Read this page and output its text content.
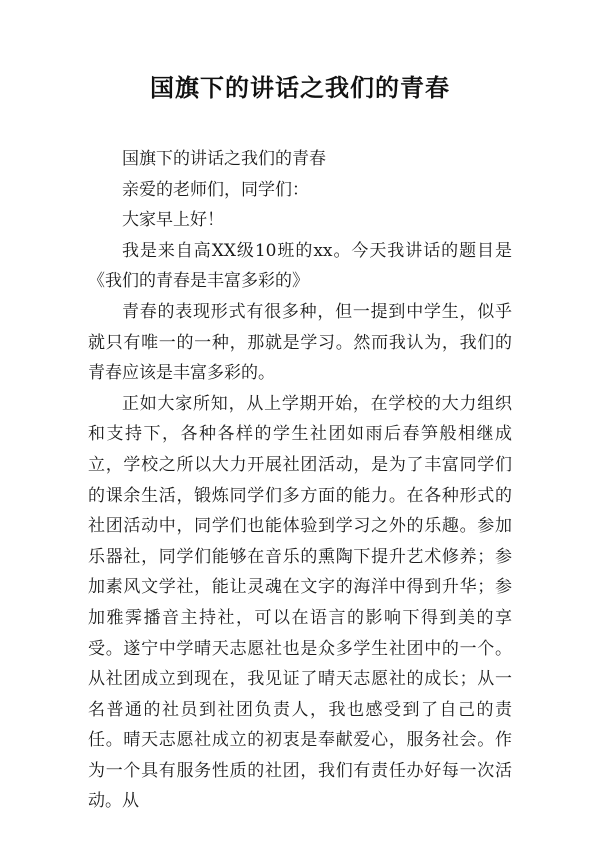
国旗下的讲话之我们的青春

国旗下的讲话之我们的青春

亲爱的老师们，同学们：

大家早上好！

我是来自高XX级10班的xx。今天我讲话的题目是《我们的青春是丰富多彩的》

青春的表现形式有很多种，但一提到中学生，似乎就只有唯一的一种，那就是学习。然而我认为，我们的青春应该是丰富多彩的。

正如大家所知，从上学期开始，在学校的大力组织和支持下，各种各样的学生社团如雨后春笋般相继成立，学校之所以大力开展社团活动，是为了丰富同学们的课余生活，锻炼同学们多方面的能力。在各种形式的社团活动中，同学们也能体验到学习之外的乐趣。参加乐器社，同学们能够在音乐的熏陶下提升艺术修养；参加素风文学社，能让灵魂在文字的海洋中得到升华；参加雅霁播音主持社，可以在语言的影响下得到美的享受。遂宁中学晴天志愿社也是众多学生社团中的一个。从社团成立到现在，我见证了晴天志愿社的成长；从一名普通的社员到社团负责人，我也感受到了自己的责任。晴天志愿社成立的初衷是奉献爱心，服务社会。作为一个具有服务性质的社团，我们有责任办好每一次活动。从
